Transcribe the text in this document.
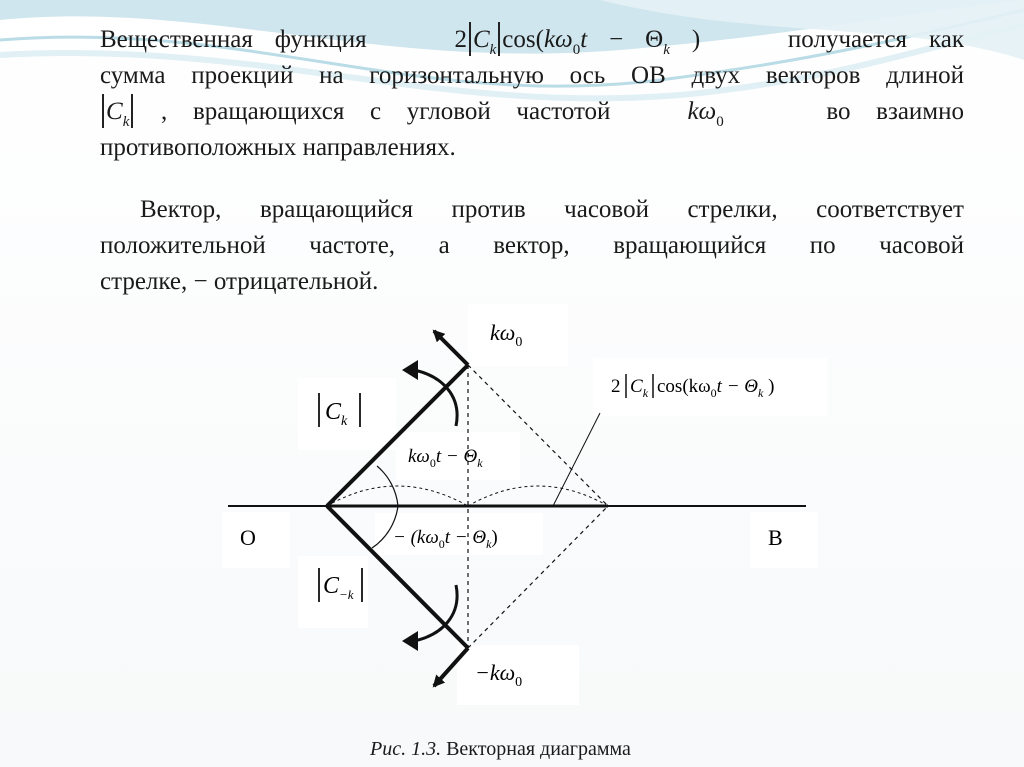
Вещественная функция	2 $C_k$ $\cos(k\omega_0t - \Theta_k$ )	получается как
сумма проекций на горизонтальную ось OB двух векторов длиной
$C_k$ , вращающихся с угловой частотой	$k\omega_0$	во взаимно
противоположных направлениях.
Вектор, вращающийся против часовой стрелки, соответствует
положительной частоте, а вектор, вращающийся по часовой
стрелке, − отрицательной.
$k\omega_0$
$C_k$
$k\omega_0t - \Theta_k$
2 $C_k$ $\cos(k\omega_0t - \Theta_k$ )
O	B
− $(k\omega_0t - \Theta_k)$
$C_{-k}$
$-k\omega_0$
Рис. 1.3. Векторная диаграмма
